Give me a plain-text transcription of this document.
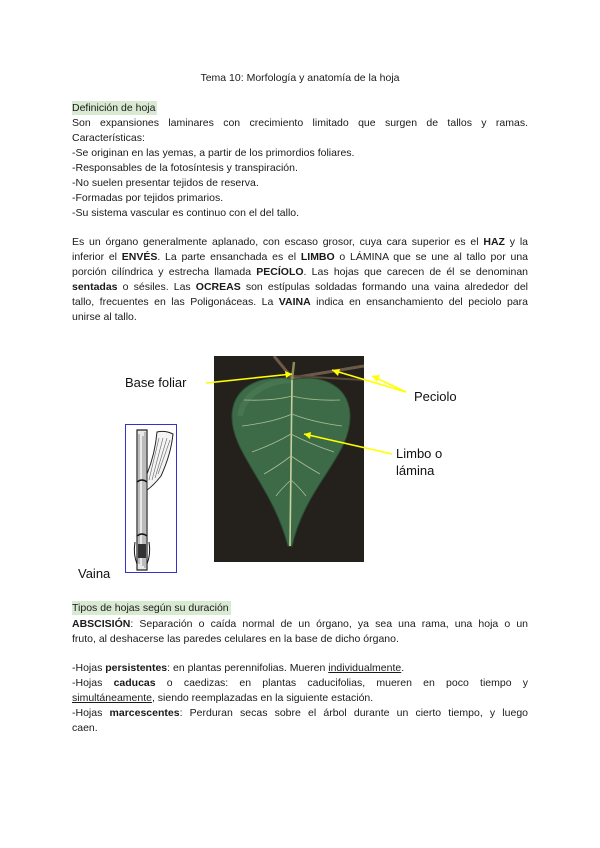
Tema 10: Morfología y anatomía de la hoja
Definición de hoja
Son expansiones laminares con crecimiento limitado que surgen de tallos y ramas.
Características:
-Se originan en las yemas, a partir de los primordios foliares.
-Responsables de la fotosíntesis y transpiración.
-No suelen presentar tejidos de reserva.
-Formadas por tejidos primarios.
-Su sistema vascular es continuo con el del tallo.
Es un órgano generalmente aplanado, con escaso grosor, cuya cara superior es el HAZ y la
inferior el ENVÉS. La parte ensanchada es el LIMBO o LÁMINA que se une al tallo por una
porción cilíndrica y estrecha llamada PECÍOLO. Las hojas que carecen de él se denominan
sentadas o sésiles. Las OCREAS son estípulas soldadas formando una vaina alrededor del
tallo, frecuentes en las Poligonáceas. La VAINA indica en ensanchamiento del peciolo para
unirse al tallo.
Base foliar
Peciolo
Limbo o
lámina
Vaina
Tipos de hojas según su duración
ABSCISIÓN: Separación o caída normal de un órgano, ya sea una rama, una hoja o un
fruto, al deshacerse las paredes celulares en la base de dicho órgano.
-Hojas persistentes: en plantas perennifolias. Mueren individualmente.
-Hojas caducas o caedizas: en plantas caducifolias, mueren en poco tiempo y
simultáneamente, siendo reemplazadas en la siguiente estación.
-Hojas marcescentes: Perduran secas sobre el árbol durante un cierto tiempo, y luego
caen.
